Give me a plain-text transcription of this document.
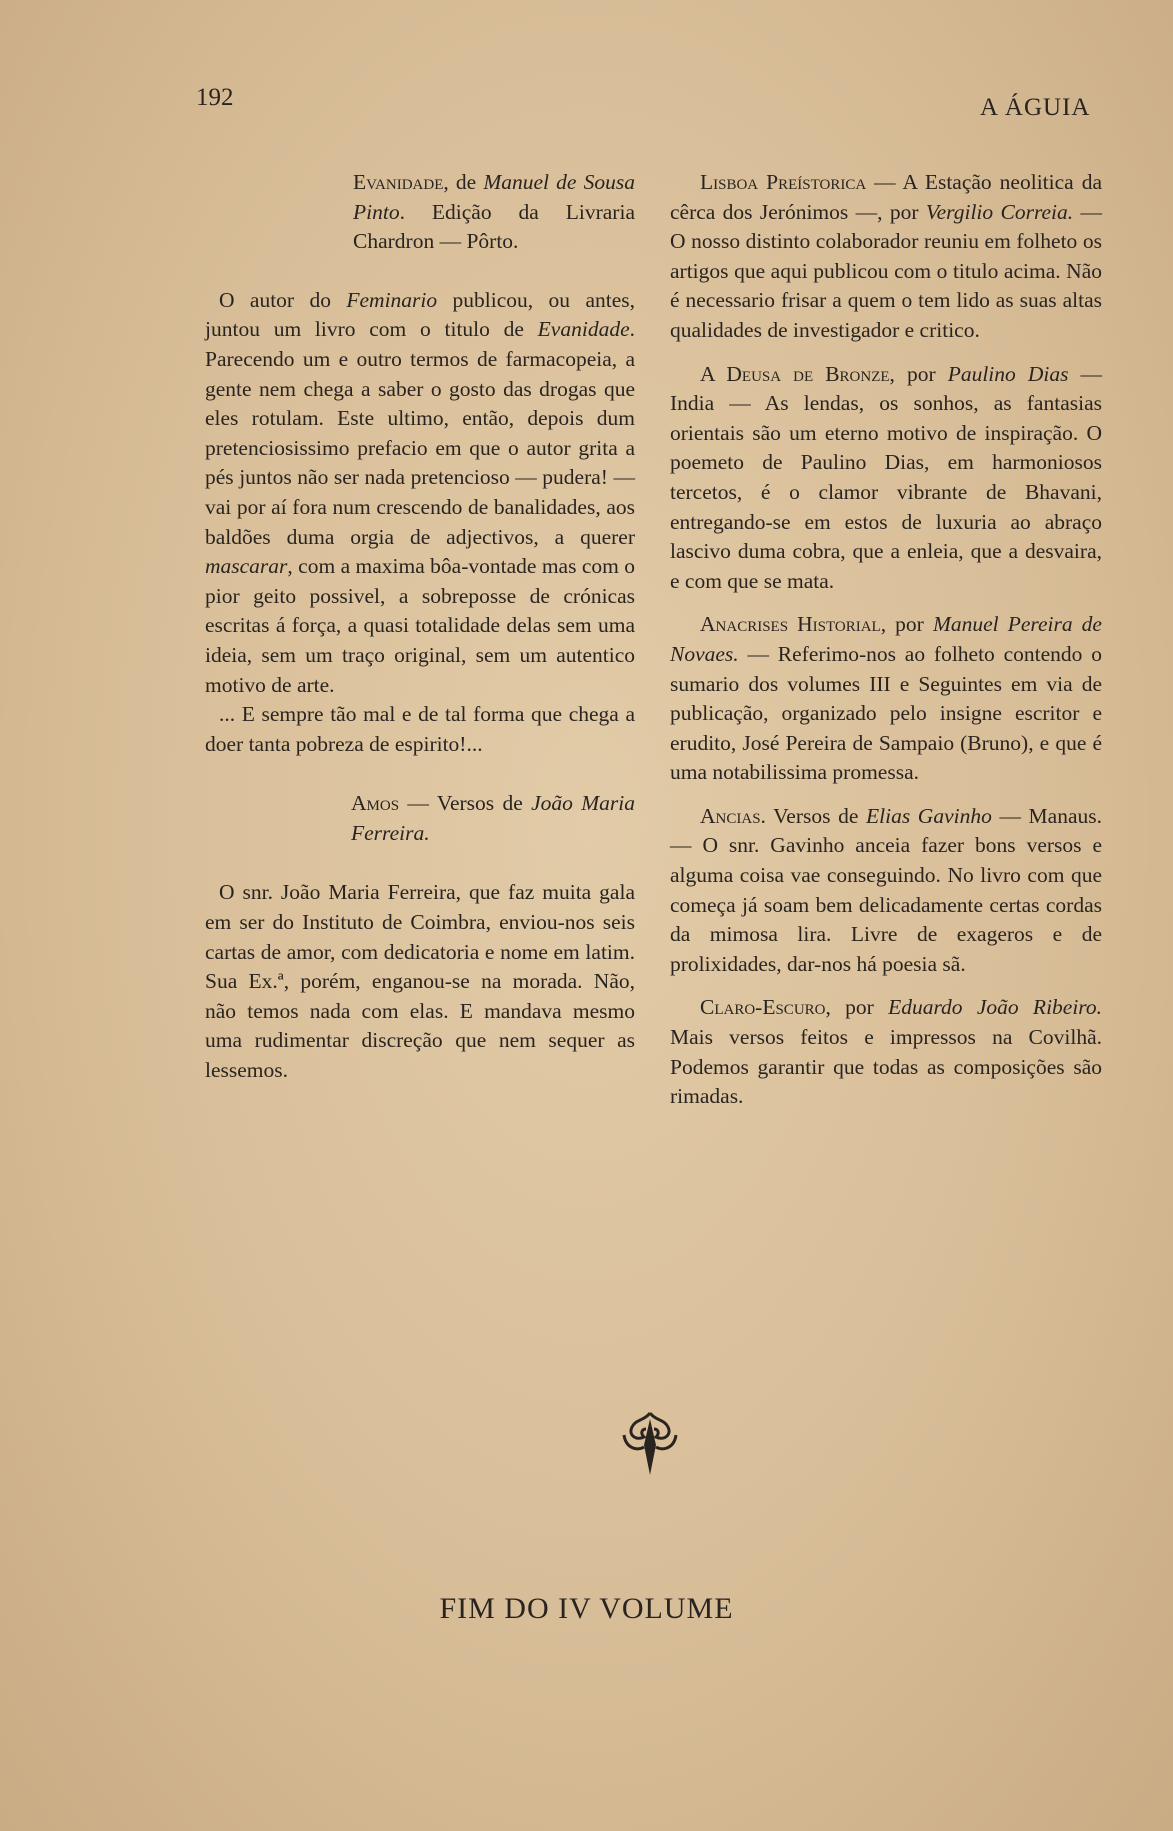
192	A ÁGUIA

Evanidade, de Manuel de Sousa Pinto. Edição da Livraria Chardron — Pôrto.

O autor do Feminario publicou, ou antes, juntou um livro com o titulo de Evanidade. Parecendo um e outro termos de farmacopeia, a gente nem chega a saber o gosto das drogas que eles rotulam. Este ultimo, então, depois dum pretenciosissimo prefacio em que o autor grita a pés juntos não ser nada pretencioso — pudera! — vai por aí fora num crescendo de banalidades, aos baldões duma orgia de adjectivos, a querer mascarar, com a maxima bôa-vontade mas com o pior geito possivel, a sobreposse de crónicas escritas á força, a quasi totalidade delas sem uma ideia, sem um traço original, sem um autentico motivo de arte.

... E sempre tão mal e de tal forma que chega a doer tanta pobreza de espirito!...

Amos — Versos de João Maria Ferreira.

O snr. João Maria Ferreira, que faz muita gala em ser do Instituto de Coimbra, enviou-nos seis cartas de amor, com dedicatoria e nome em latim. Sua Ex.ª, porém, enganou-se na morada. Não, não temos nada com elas. E mandava mesmo uma rudimentar discreção que nem sequer as lessemos.

Lisboa Preístorica — A Estação neolitica da cêrca dos Jerónimos —, por Vergilio Correia. — O nosso distinto colaborador reuniu em folheto os artigos que aqui publicou com o titulo acima. Não é necessario frisar a quem o tem lido as suas altas qualidades de investigador e critico.

A Deusa de Bronze, por Paulino Dias — India — As lendas, os sonhos, as fantasias orientais são um eterno motivo de inspiração. O poemeto de Paulino Dias, em harmoniosos tercetos, é o clamor vibrante de Bhavani, entregando-se em estos de luxuria ao abraço lascivo duma cobra, que a enleia, que a desvaira, e com que se mata.

Anacrises Historial, por Manuel Pereira de Novaes. — Referimo-nos ao folheto contendo o sumario dos volumes III e Seguintes em via de publicação, organizado pelo insigne escritor e erudito, José Pereira de Sampaio (Bruno), e que é uma notabilissima promessa.

Ancias. Versos de Elias Gavinho — Manaus. — O snr. Gavinho anceia fazer bons versos e alguma coisa vae conseguindo. No livro com que começa já soam bem delicadamente certas cordas da mimosa lira. Livre de exageros e de prolixidades, dar-nos há poesia sã.

Claro-Escuro, por Eduardo João Ribeiro. Mais versos feitos e impressos na Covilhã. Podemos garantir que todas as composições são rimadas.

FIM DO IV VOLUME
